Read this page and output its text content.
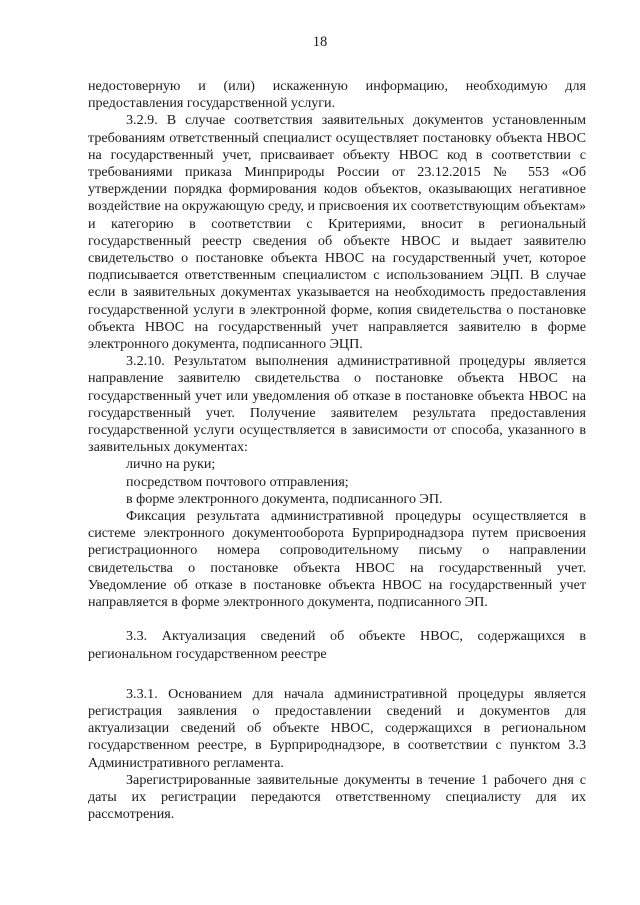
18

недостоверную и (или) искаженную информацию, необходимую для предоставления государственной услуги.

3.2.9. В случае соответствия заявительных документов установленным требованиям ответственный специалист осуществляет постановку объекта НВОС на государственный учет, присваивает объекту НВОС код в соответствии с требованиями приказа Минприроды России от 23.12.2015 № 553 «Об утверждении порядка формирования кодов объектов, оказывающих негативное воздействие на окружающую среду, и присвоения их соответствующим объектам» и категорию в соответствии с Критериями, вносит в региональный государственный реестр сведения об объекте НВОС и выдает заявителю свидетельство о постановке объекта НВОС на государственный учет, которое подписывается ответственным специалистом с использованием ЭЦП. В случае если в заявительных документах указывается на необходимость предоставления государственной услуги в электронной форме, копия свидетельства о постановке объекта НВОС на государственный учет направляется заявителю в форме электронного документа, подписанного ЭЦП.

3.2.10. Результатом выполнения административной процедуры является направление заявителю свидетельства о постановке объекта НВОС на государственный учет или уведомления об отказе в постановке объекта НВОС на государственный учет. Получение заявителем результата предоставления государственной услуги осуществляется в зависимости от способа, указанного в заявительных документах:

лично на руки;

посредством почтового отправления;

в форме электронного документа, подписанного ЭП.

Фиксация результата административной процедуры осуществляется в системе электронного документооборота Бурприроднадзора путем присвоения регистрационного номера сопроводительному письму о направлении свидетельства о постановке объекта НВОС на государственный учет. Уведомление об отказе в постановке объекта НВОС на государственный учет направляется в форме электронного документа, подписанного ЭП.

3.3. Актуализация сведений об объекте НВОС, содержащихся в региональном государственном реестре

3.3.1. Основанием для начала административной процедуры является регистрация заявления о предоставлении сведений и документов для актуализации сведений об объекте НВОС, содержащихся в региональном государственном реестре, в Бурприроднадзоре, в соответствии с пунктом 3.3 Административного регламента.

Зарегистрированные заявительные документы в течение 1 рабочего дня с даты их регистрации передаются ответственному специалисту для их рассмотрения.
